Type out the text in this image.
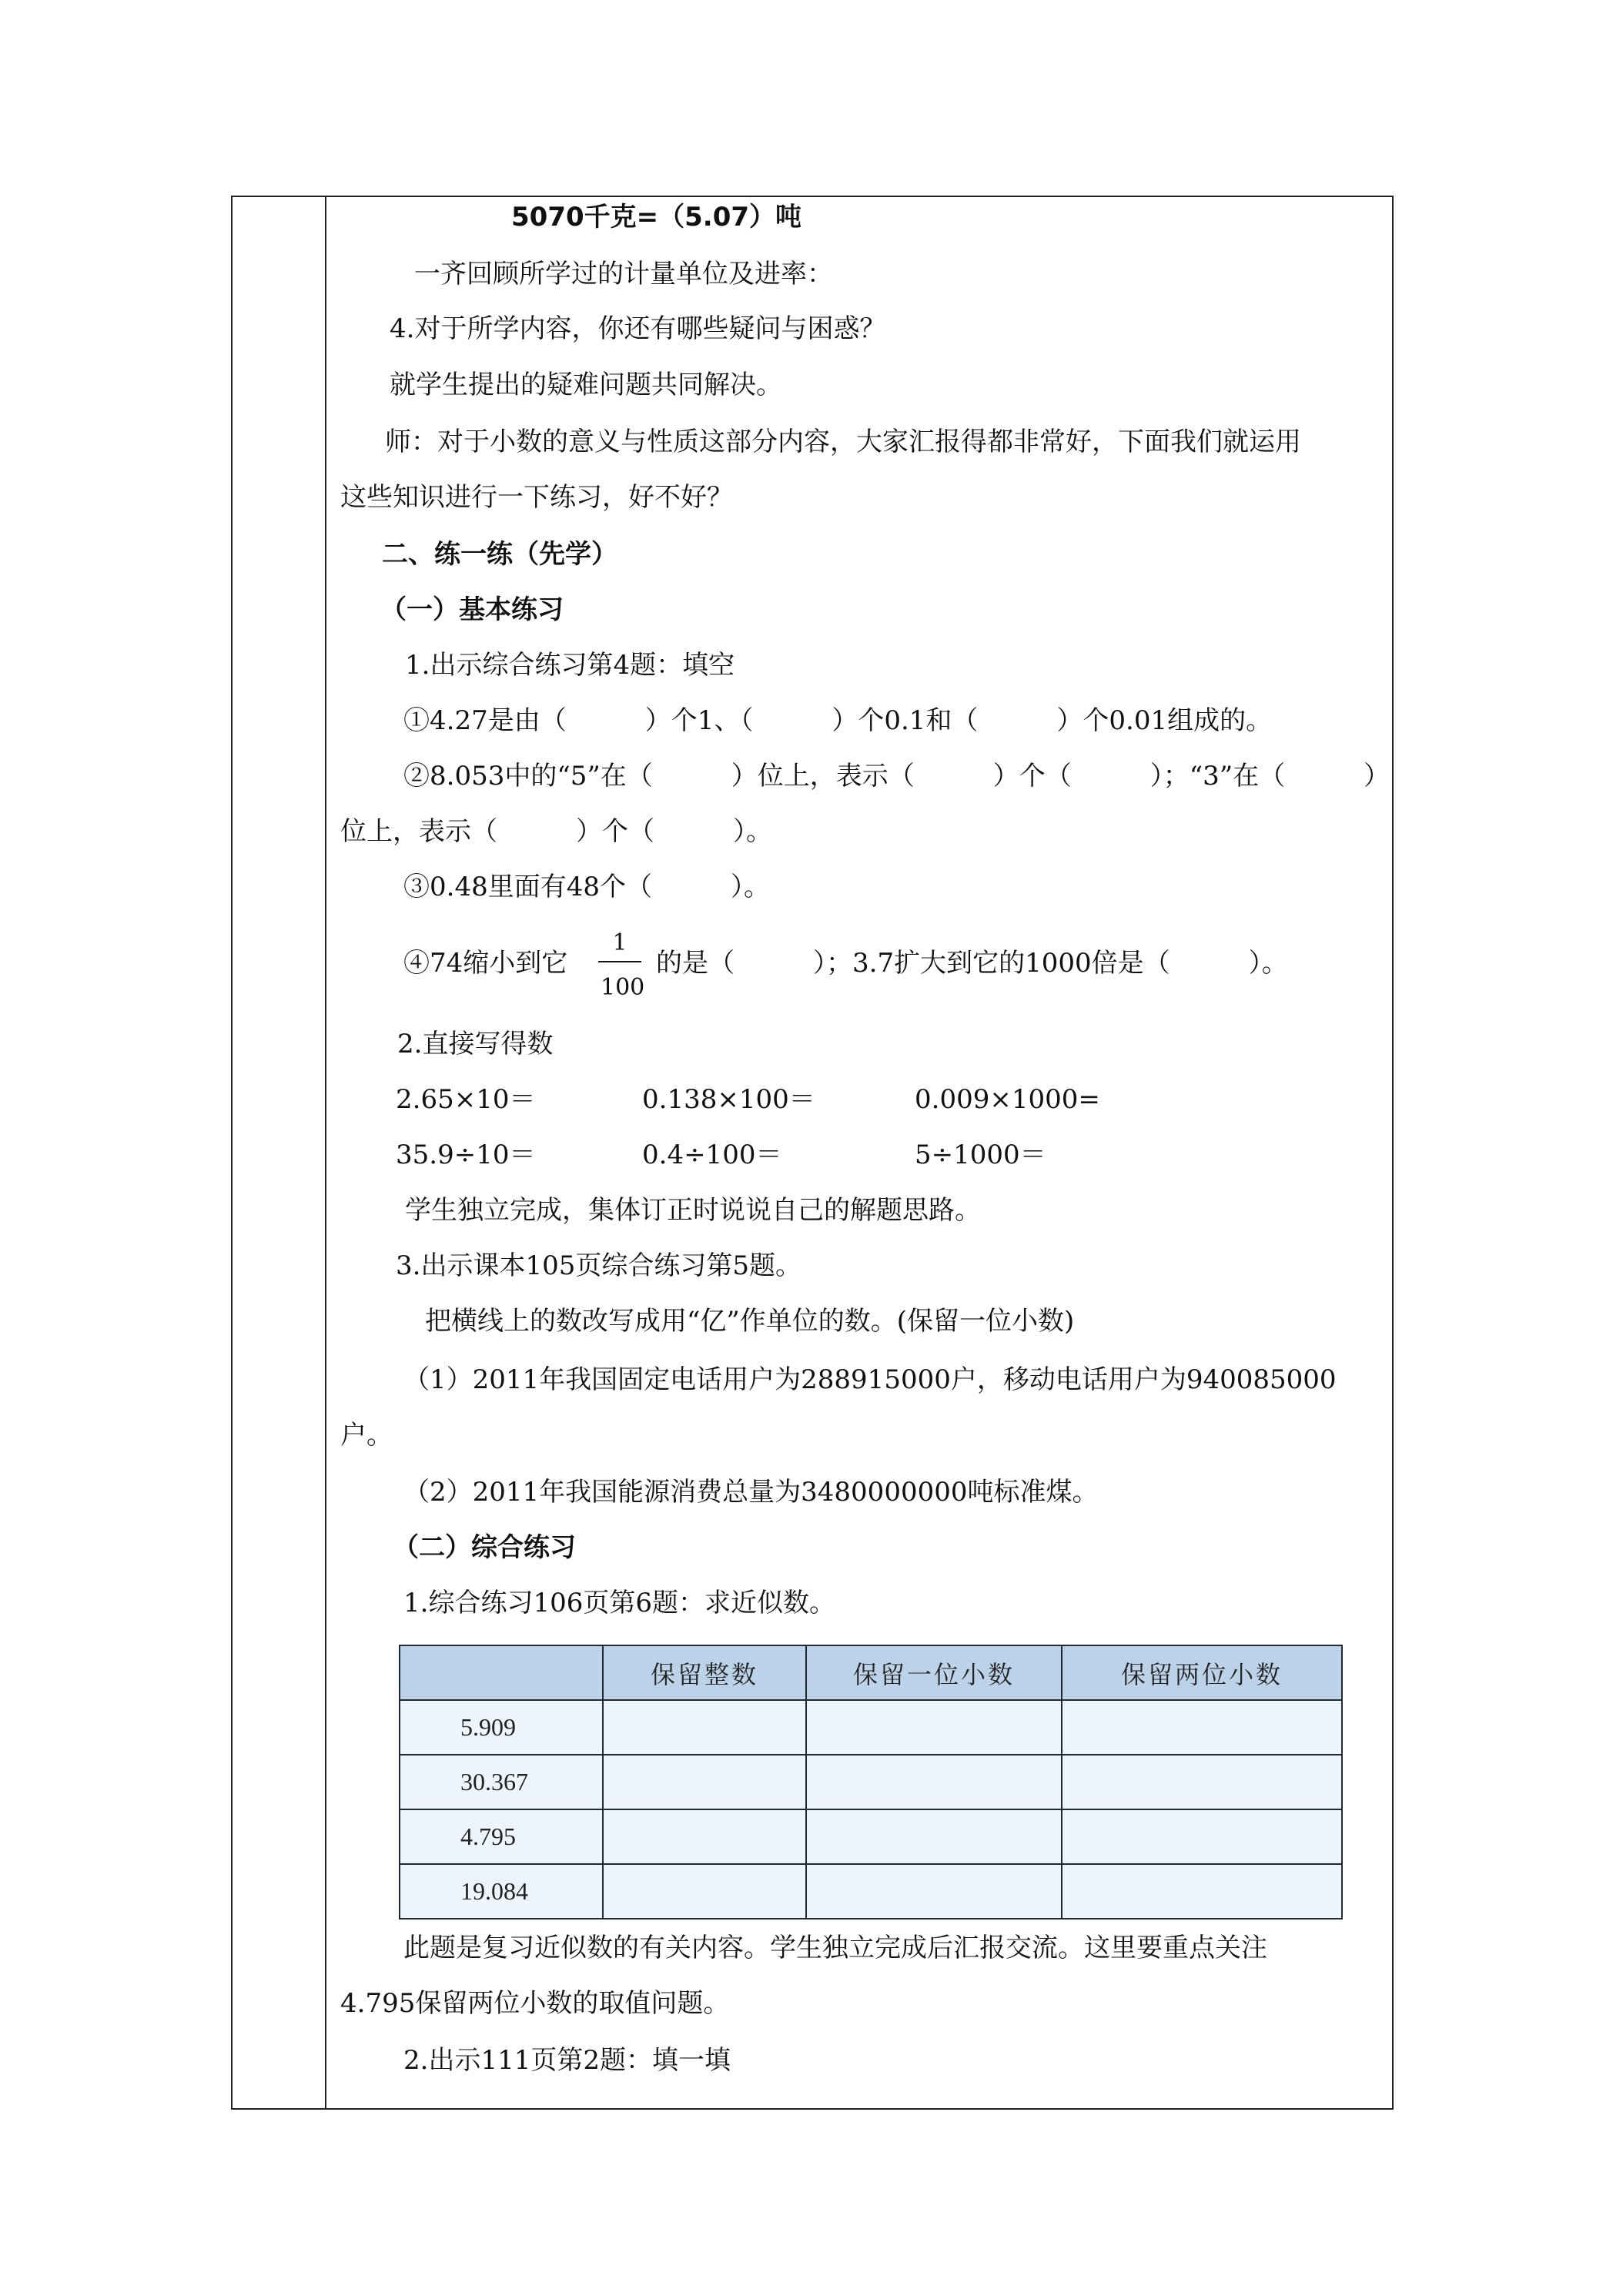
5070千克=（5.07）吨
一齐回顾所学过的计量单位及进率：
4.对于所学内容，你还有哪些疑问与困惑？
就学生提出的疑难问题共同解决。
师：对于小数的意义与性质这部分内容，大家汇报得都非常好，下面我们就运用
这些知识进行一下练习，好不好？
二、练一练（先学）
（一）基本练习
1.出示综合练习第4题：填空
①4.27是由（　　　）个1、（　　　）个0.1和（　　　）个0.01组成的。
②8.053中的“5”在（　　　）位上，表示（　　　）个（　　　）；“3”在（　　　）
位上，表示（　　　）个（　　　）。
③0.48里面有48个（　　　）。
④74缩小到它
1
100
的是（　　　）；3.7扩大到它的1000倍是（　　　）。
2.直接写得数
2.65×10＝	0.138×100＝	0.009×1000=
35.9÷10＝	0.4÷100＝	5÷1000＝
学生独立完成，集体订正时说说自己的解题思路。
3.出示课本105页综合练习第5题。
把横线上的数改写成用“亿”作单位的数。(保留一位小数)
（1）2011年我国固定电话用户为288915000户，移动电话用户为940085000
户。
（2）2011年我国能源消费总量为3480000000吨标准煤。
（二）综合练习
1.综合练习106页第6题：求近似数。
	保留整数	保留一位小数	保留两位小数
5.909			
30.367			
4.795			
19.084			
此题是复习近似数的有关内容。学生独立完成后汇报交流。这里要重点关注
4.795保留两位小数的取值问题。
2.出示111页第2题：填一填
